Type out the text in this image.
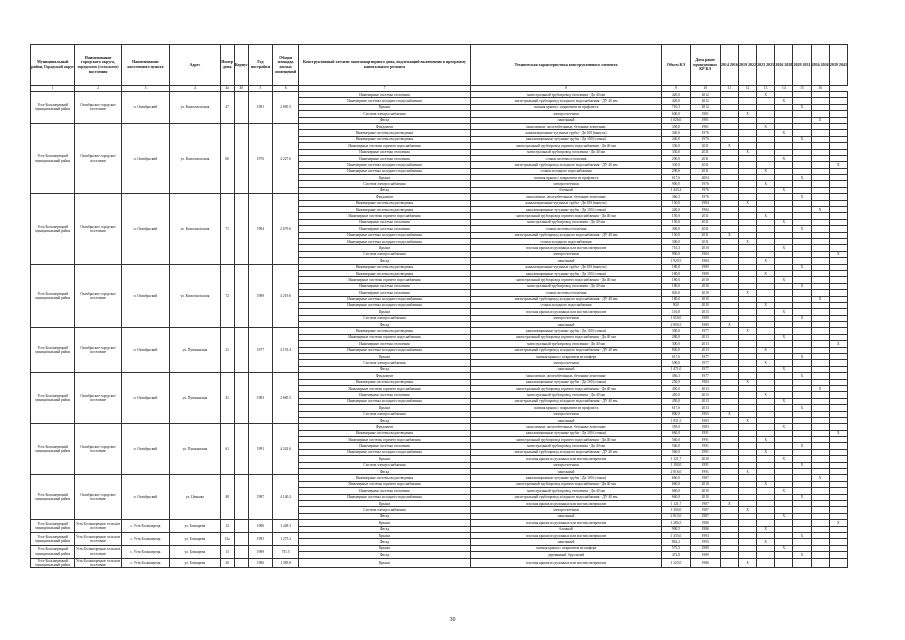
Муниципальный район, Городской округ	Наименование городского округа, городского (сельского) поселения	Наименование населенного пункта	Адрес	Номер дома	Корпус	Год постройки	Общая площадь жилых помещений	Конструктивный элемент многоквартирного дома, подлежащий включению в программу капитального ремонта	Техническая характеристика конструктивного элемента	Объем КЭ	Дата ранее проведенных КР КЭ	2014 2016	2019 2022	2023 2025	2026 2028	2029 2031	2034 2036	2039 2043
1	2	3	4	4а	4б	5	6	7	8	9	10	11	12	13	14	15	16	
Усть-Большерецкий муниципальный район	Октябрьское городское поселение	п. Октябрьский	ул. Комсомольская	47		1981	2 685.5	Инженерные системы отопления	магистральный трубопровод отопления - Дn 40 мм	420,0	2012			X				
								Инженерные системы холодного водоснабжения	магистральный трубопровод холодного водоснабжения - ДУ 40 мм	420,0	2012				X			
								Крыша	скатная крыша с покрытием из профлиста	716,3	2012					X		
								Система электроснабжения	электросчетчики	600,0	1981		X					
								Фасад	панельный	1 026,0	1981						X	
Усть-Большерецкий муниципальный район	Октябрьское городское поселение	п. Октябрьский	ул. Комсомольская	66		1976	2 227.6	Фундамент	монолитные, железобетонные, бетонные ленточные	350,0	1981			X				
								Инженерные системы водоотведения	канализационные чугунные трубы - Дn 100 (выпуск)	340,0	1976				X			
								Инженерные системы водоотведения	канализационные чугунные трубы - Дn 100 (стояки)	240,0	1976					X		
								Инженерные системы горячего водоснабжения	магистральный трубопровод горячего водоснабжения - Дn 40 мм	330,0	2011	X						
								Инженерные системы отопления	магистральный трубопровод отопления - Дn 40 мм	330,0	2011		X					
								Инженерные системы отопления	стояки системы отопления	290,0	2011				X			
								Инженерные системы холодного водоснабжения	магистральный трубопровод холодного водоснабжения - ДУ 40 мм	330,0	2011							X
								Инженерные системы холодного водоснабжения	стояки холодного водоснабжения	290,0	2011			X				
								Крыша	скатная крыша с покрытием из профлиста	617,6	2004					X		
								Система электроснабжения	электросчетчики	900,0	1976			X				
								Фасад	блочный	1 443,2	1976				X			
Усть-Большерецкий муниципальный район	Октябрьское городское поселение	п. Октябрьский	ул. Комсомольская	71		1984	2 679.6	Фундамент	монолитные, железобетонные, бетонные ленточные	366,3	1976					X		
								Инженерные системы водоотведения	канализационные чугунные трубы - Дn 100 (выпуск)	150,0	1984		X					
								Инженерные системы водоотведения	канализационные чугунные трубы - Дn 100 (стояки)	240,0	1984						X	
								Инженерные системы горячего водоснабжения	магистральный трубопровод горячего водоснабжения - Дn 40 мм	150,0	2011			X				
								Инженерные системы отопления	магистральный трубопровод отопления - Дn 40 мм	150,0	2011				X			
								Инженерные системы отопления	стояки системы отопления	300,0	2011					X		
								Инженерные системы холодного водоснабжения	магистральный трубопровод холодного водоснабжения - ДУ 40 мм	150,0	2011	X						
								Инженерные системы холодного водоснабжения	стояки холодного водоснабжения	300,0	2011		X					
								Крыша	плоская крыша из рулонных или мастик материалов	716,3	2010				X			
								Система электроснабжения	электросчетчики	900,0	1984							X
								Фасад	панельный	1 920,5	1984			X				
Усть-Большерецкий муниципальный район	Октябрьское городское поселение	п. Октябрьский	ул. Комсомольская	72		1989	4 219.6	Инженерные системы водоотведения	канализационные чугунные трубы - Дn 100 (выпуск)	180,0	1989					X		
								Инженерные системы водоотведения	канализационные чугунные трубы - Дn 100 (стояки)	180,0	1989			X				
								Инженерные системы горячего водоснабжения	магистральный трубопровод горячего водоснабжения - Дn 40 мм	180,0	2010				X			
								Инженерные системы отопления	магистральный трубопровод отопления - Дn 40 мм	180,0	2010					X		
								Инженерные системы отопления	стояки системы отопления	820,0	2010		X					
								Инженерные системы холодного водоснабжения	магистральный трубопровод холодного водоснабжения - ДУ 40 мм	180,0	2010						X	
								Инженерные системы холодного водоснабжения	стояки холодного водоснабжения	90,0	2010			X				
								Крыша	плоская крыша из рулонных или мастик материалов	116,8	2013				X			
								Система электроснабжения	электросчетчики	1 050,0	1989					X		
								Фасад	панельный	2 800,5	1989	X						
Усть-Большерецкий муниципальный район	Октябрьское городское поселение	п. Октябрьский	ул. Пушкинская	21		1977	2 191.4	Инженерные системы водоотведения	канализационные чугунные трубы - Дn 100 (стояки)	300,0	1977		X					
								Инженерные системы горячего водоснабжения	магистральный трубопровод горячего водоснабжения - Дn 40 мм	280,0	2013				X			
								Инженерные системы отопления	магистральный трубопровод отопления - Дn 40 мм	300,0	2013							X
								Инженерные системы холодного водоснабжения	магистральный трубопровод холодного водоснабжения - ДУ 40 мм	820,0	2013			X				
								Крыша	скатная крыша с покрытием из шифера	617,6	1977					X		
								Система электроснабжения	электросчетчики	500,0	1977			X				
								Фасад	панельный	1 471,0	1977				X			
Усть-Большерецкий муниципальный район	Октябрьское городское поселение	п. Октябрьский	ул. Пушкинская	41		1983	2 685.5	Фундамент	монолитные, железобетонные, бетонные ленточные	366,3	1977					X		
								Инженерные системы водоотведения	канализационные чугунные трубы - Дn 100 (стояки)	250,0	1983		X					
								Инженерные системы горячего водоснабжения	магистральный трубопровод горячего водоснабжения - Дn 40 мм	450,0	2013						X	
								Инженерные системы отопления	магистральный трубопровод отопления - Дn 40 мм	450,0	2013			X				
								Инженерные системы холодного водоснабжения	магистральный трубопровод холодного водоснабжения - ДУ 40 мм	450,0	2013				X			
								Крыша	скатная крыша с покрытием из профлиста	617,6	2013					X		
								Система электроснабжения	электросчетчики	800,0	1983	X						
								Фасад	панельный	1 831,5	1983		X					
Усть-Большерецкий муниципальный район	Октябрьское городское поселение	п. Октябрьский	ул. Пушкинская	61		1991	4 242.6	Фундамент	монолитные, железобетонные, бетонные ленточные	359,0	1983				X			
								Инженерные системы водоотведения	канализационные чугунные трубы - Дn 100 (стояки)	660,0	1991							X
								Инженерные системы горячего водоснабжения	магистральный трубопровод горячего водоснабжения - Дn 40 мм	560,0	1991			X				
								Инженерные системы отопления	магистральный трубопровод отопления - Дn 40 мм	560,0	1991					X		
								Инженерные системы холодного водоснабжения	магистральный трубопровод холодного водоснабжения - ДУ 40 мм	560,0	1991			X				
								Крыша	плоская крыша из рулонных или мастик материалов	1 121,7	2010				X			
								Система электроснабжения	электросчетчики	1 100,0	1991					X		
								Фасад	панельный	2 816,0	1991		X					
Усть-Большерецкий муниципальный район	Октябрьское городское поселение	п. Октябрьский	ул. Ценкова	48		1987	4 140.2	Инженерные системы водоотведения	канализационные чугунные трубы - Дn 100 (стояки)	660,0	1987						X	
								Инженерные системы горячего водоснабжения	магистральный трубопровод горячего водоснабжения - Дn 40 мм	660,0	2010			X				
								Инженерные системы отопления	магистральный трубопровод отопления - Дn 40 мм	660,0	2010				X			
								Инженерные системы холодного водоснабжения	магистральный трубопровод холодного водоснабжения - ДУ 40 мм	660,0	2010					X		
								Крыша	плоская крыша из рулонных или мастик материалов	1 121,7	1987	X						
								Система электроснабжения	электросчетчики	1 300,0	1987		X					
								Фасад	панельный	2 815,0	1987				X			
Усть-Большерецкий муниципальный район	Усть-Большерецкое сельское поселение	с. Усть-Большерецк	ул. Бочкарева	12		1986	1 428.3	Крыша	плоская крыша из рулонных или мастик материалов	1 286,5	1986							X
								Фасад	блочный	900,5	1986			X				
Усть-Большерецкий муниципальный район	Усть-Большерецкое сельское поселение	с. Усть-Большерецк	ул. Бочкарева	13а		1993	1 275.2	Крыша	плоская крыша из рулонных или мастик материалов	1 335,0	1993					X		
								Фасад	панельный	863,2	1993			X				
Усть-Большерецкий муниципальный район	Усть-Большерецкое сельское поселение	с. Усть-Большерецк	ул. Бочкарева	13		1989	751.5	Крыша	скатная крыша с покрытием из шифера	575,5	1989				X			
								Фасад	деревянный, брусчатый	472,8	1989					X		
Усть-Большерецкий муниципальный район	Усть-Большерецкое сельское поселение	с. Усть-Большерецк	ул. Бочкарева	20		1986	1 385.8	Крыша	плоская крыша из рулонных или мастик материалов	1 325,0	1986		X					
30
